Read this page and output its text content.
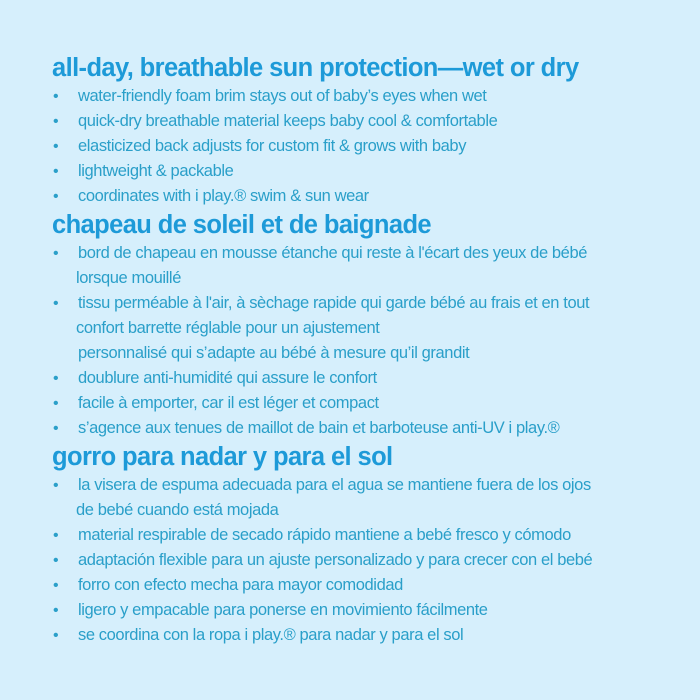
all-day, breathable sun protection—wet or dry
• water-friendly foam brim stays out of baby’s eyes when wet
• quick-dry breathable material keeps baby cool & comfortable
• elasticized back adjusts for custom fit & grows with baby
• lightweight & packable
• coordinates with i play.® swim & sun wear
chapeau de soleil et de baignade
• bord de chapeau en mousse étanche qui reste à l'écart des yeux de bébé
lorsque mouillé
• tissu perméable à l'air, à sèchage rapide qui garde bébé au frais et en tout
confort barrette réglable pour un ajustement
personnalisé qui s’adapte au bébé à mesure qu’il grandit
• doublure anti-humidité qui assure le confort
• facile à emporter, car il est léger et compact
• s’agence aux tenues de maillot de bain et barboteuse anti-UV i play.®
gorro para nadar y para el sol
• la visera de espuma adecuada para el agua se mantiene fuera de los ojos
de bebé cuando está mojada
• material respirable de secado rápido mantiene a bebé fresco y cómodo
• adaptación flexible para un ajuste personalizado y para crecer con el bebé
• forro con efecto mecha para mayor comodidad
• ligero y empacable para ponerse en movimiento fácilmente
• se coordina con la ropa i play.® para nadar y para el sol
